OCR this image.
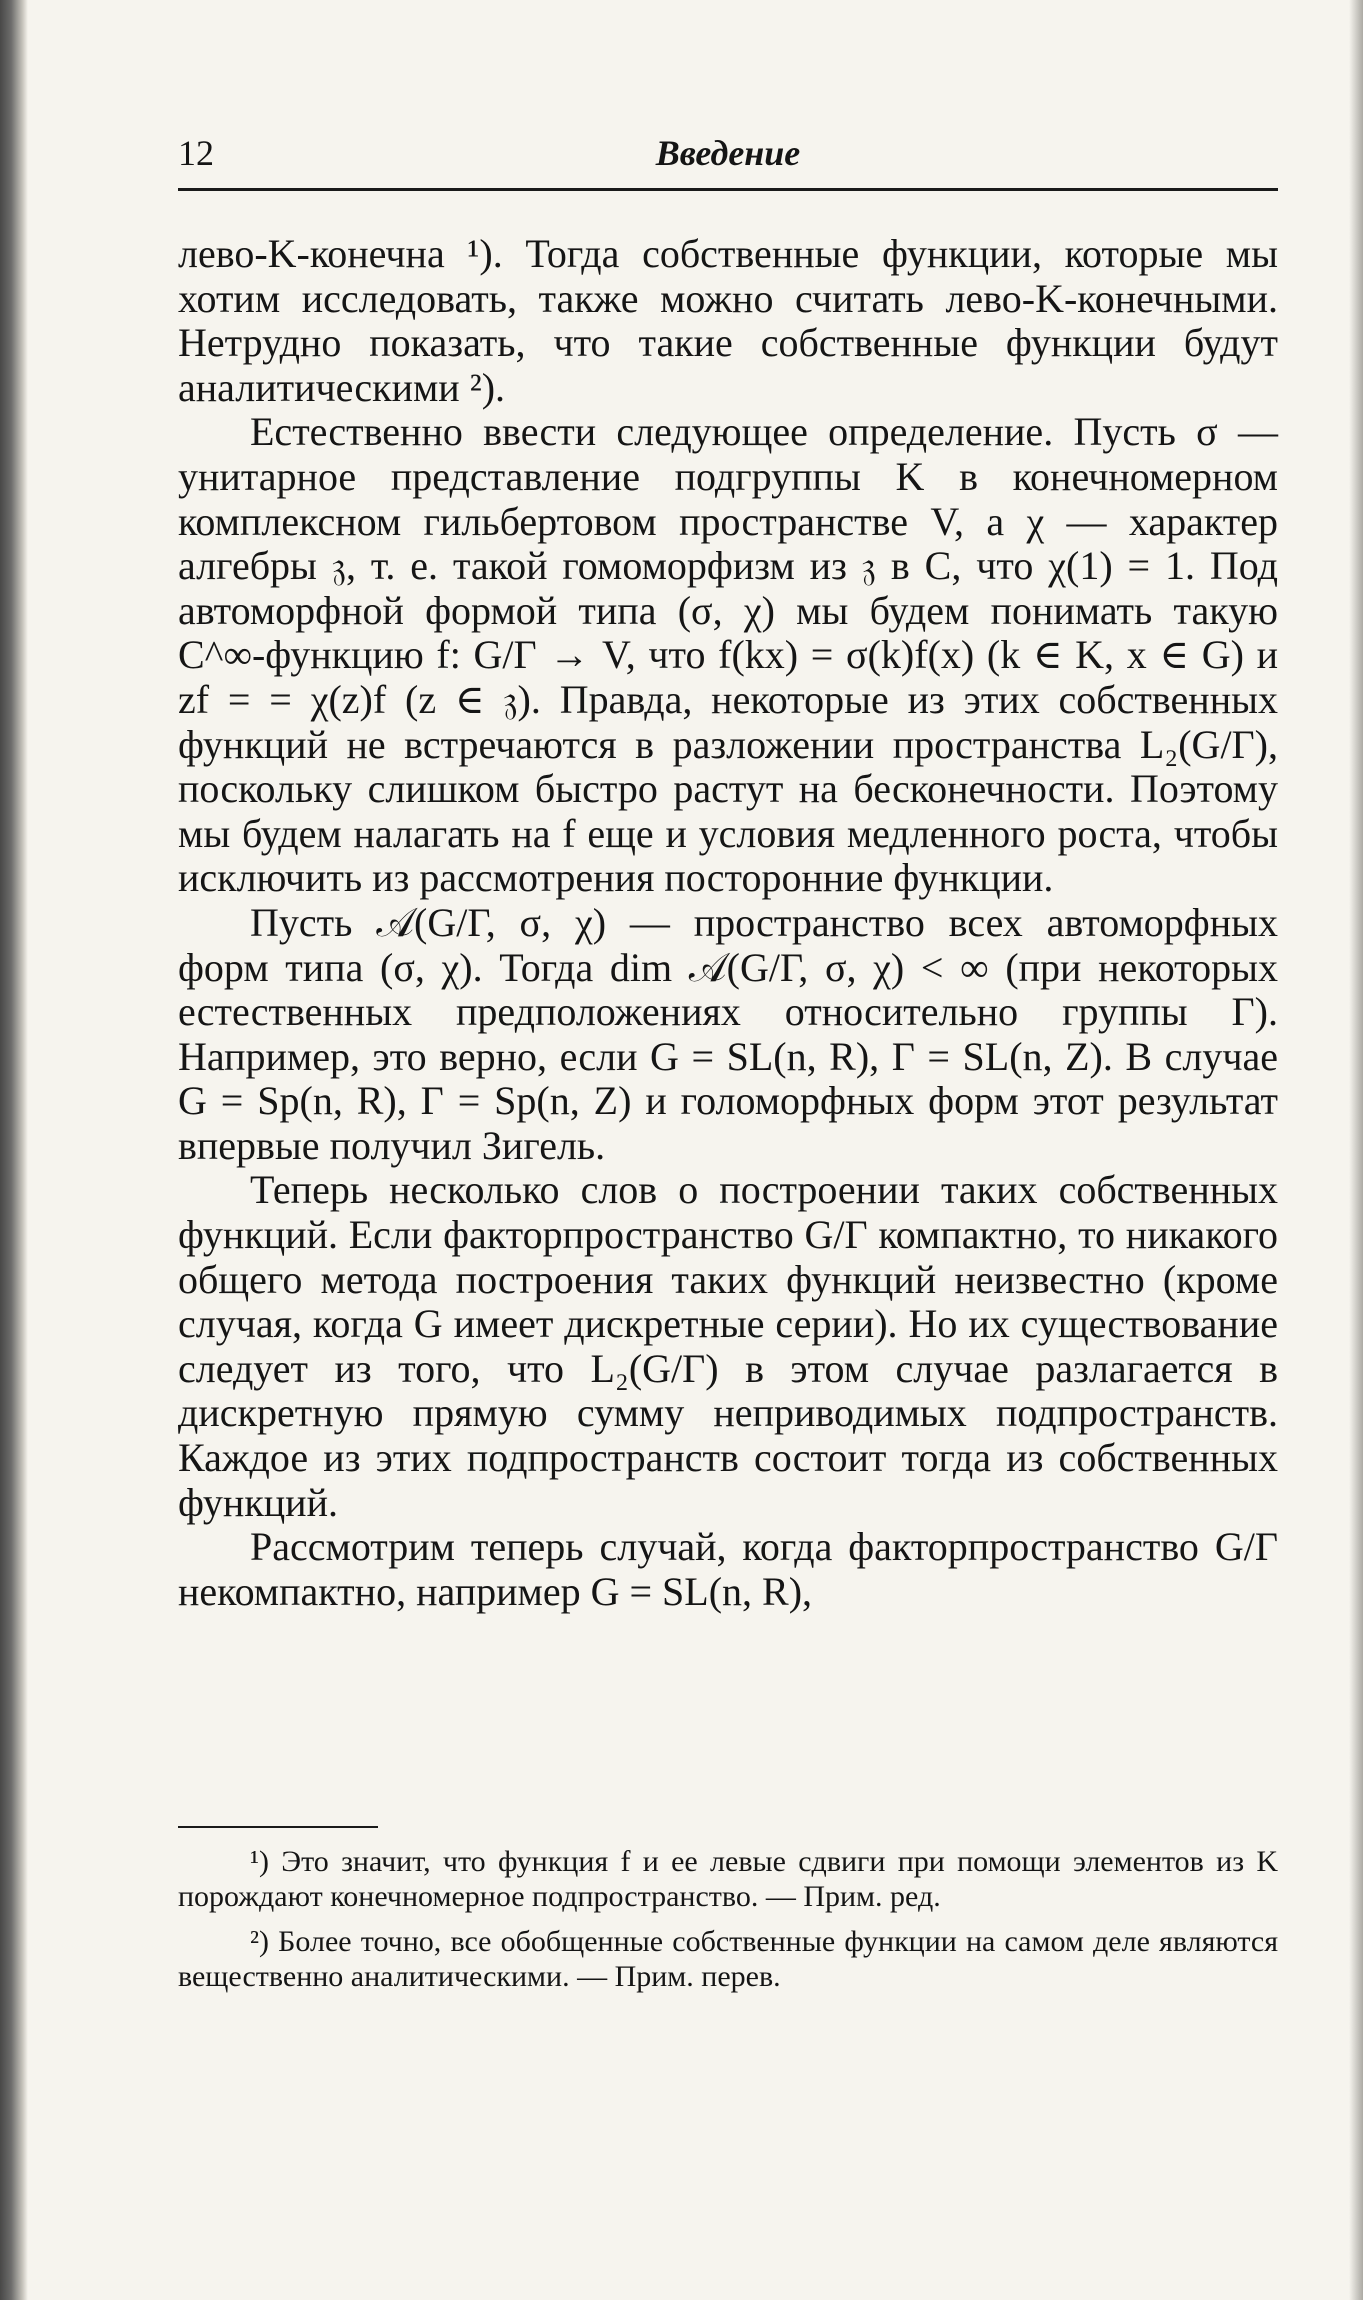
12	Введение

лево-K-конечна ¹). Тогда собственные функции, которые мы хотим исследовать, также можно считать лево-K-конечными. Нетрудно показать, что такие собственные функции будут аналитическими ²).

Естественно ввести следующее определение. Пусть σ — унитарное представление подгруппы K в конечномерном комплексном гильбертовом пространстве V, а χ — характер алгебры 𝔷, т. е. такой гомоморфизм из 𝔷 в C, что χ(1) = 1. Под автоморфной формой типа (σ, χ) мы будем понимать такую C^∞-функцию f: G/Γ → V, что f(kx) = σ(k)f(x) (k ∈ K, x ∈ G) и zf = = χ(z)f (z ∈ 𝔷). Правда, некоторые из этих собственных функций не встречаются в разложении пространства L₂(G/Γ), поскольку слишком быстро растут на бесконечности. Поэтому мы будем налагать на f еще и условия медленного роста, чтобы исключить из рассмотрения посторонние функции.

Пусть 𝒜(G/Γ, σ, χ) — пространство всех автоморфных форм типа (σ, χ). Тогда dim 𝒜(G/Γ, σ, χ) < ∞ (при некоторых естественных предположениях относительно группы Γ). Например, это верно, если G = SL(n, R), Γ = SL(n, Z). В случае G = Sp(n, R), Γ = Sp(n, Z) и голоморфных форм этот результат впервые получил Зигель.

Теперь несколько слов о построении таких собственных функций. Если факторпространство G/Γ компактно, то никакого общего метода построения таких функций неизвестно (кроме случая, когда G имеет дискретные серии). Но их существование следует из того, что L₂(G/Γ) в этом случае разлагается в дискретную прямую сумму неприводимых подпространств. Каждое из этих подпространств состоит тогда из собственных функций.

Рассмотрим теперь случай, когда факторпространство G/Γ некомпактно, например G = SL(n, R),

¹) Это значит, что функция f и ее левые сдвиги при помощи элементов из K порождают конечномерное подпространство. — Прим. ред.

²) Более точно, все обобщенные собственные функции на самом деле являются вещественно аналитическими. — Прим. перев.
